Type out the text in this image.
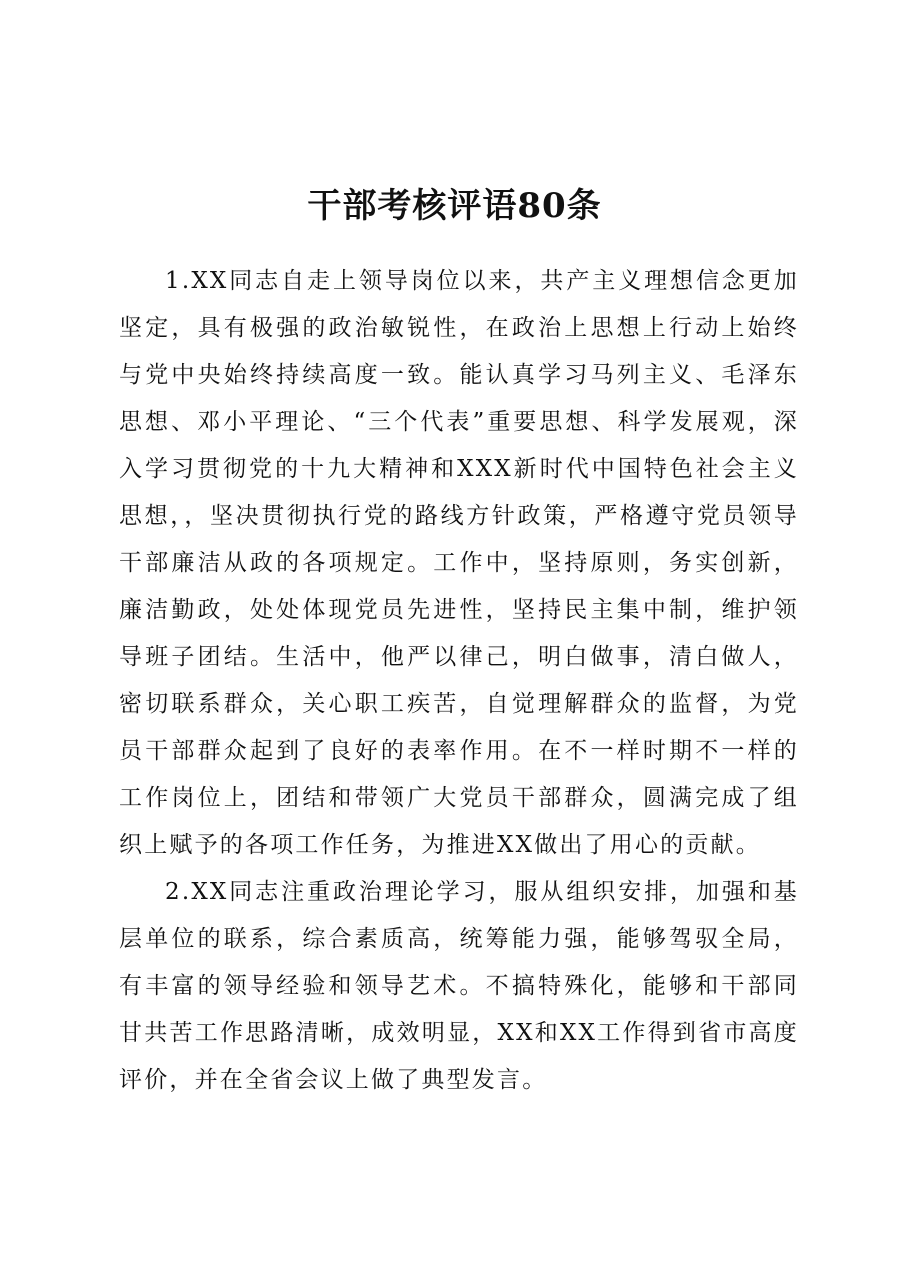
干部考核评语80条

1.XX同志自走上领导岗位以来，共产主义理想信念更加坚定，具有极强的政治敏锐性，在政治上思想上行动上始终与党中央始终持续高度一致。能认真学习马列主义、毛泽东思想、邓小平理论、“三个代表”重要思想、科学发展观，深入学习贯彻党的十九大精神和XXX新时代中国特色社会主义思想，，坚决贯彻执行党的路线方针政策，严格遵守党员领导干部廉洁从政的各项规定。工作中，坚持原则，务实创新，廉洁勤政，处处体现党员先进性，坚持民主集中制，维护领导班子团结。生活中，他严以律己，明白做事，清白做人，密切联系群众，关心职工疾苦，自觉理解群众的监督，为党员干部群众起到了良好的表率作用。在不一样时期不一样的工作岗位上，团结和带领广大党员干部群众，圆满完成了组织上赋予的各项工作任务，为推进XX做出了用心的贡献。

2.XX同志注重政治理论学习，服从组织安排，加强和基层单位的联系，综合素质高，统筹能力强，能够驾驭全局，有丰富的领导经验和领导艺术。不搞特殊化，能够和干部同甘共苦工作思路清晰，成效明显，XX和XX工作得到省市高度评价，并在全省会议上做了典型发言。
